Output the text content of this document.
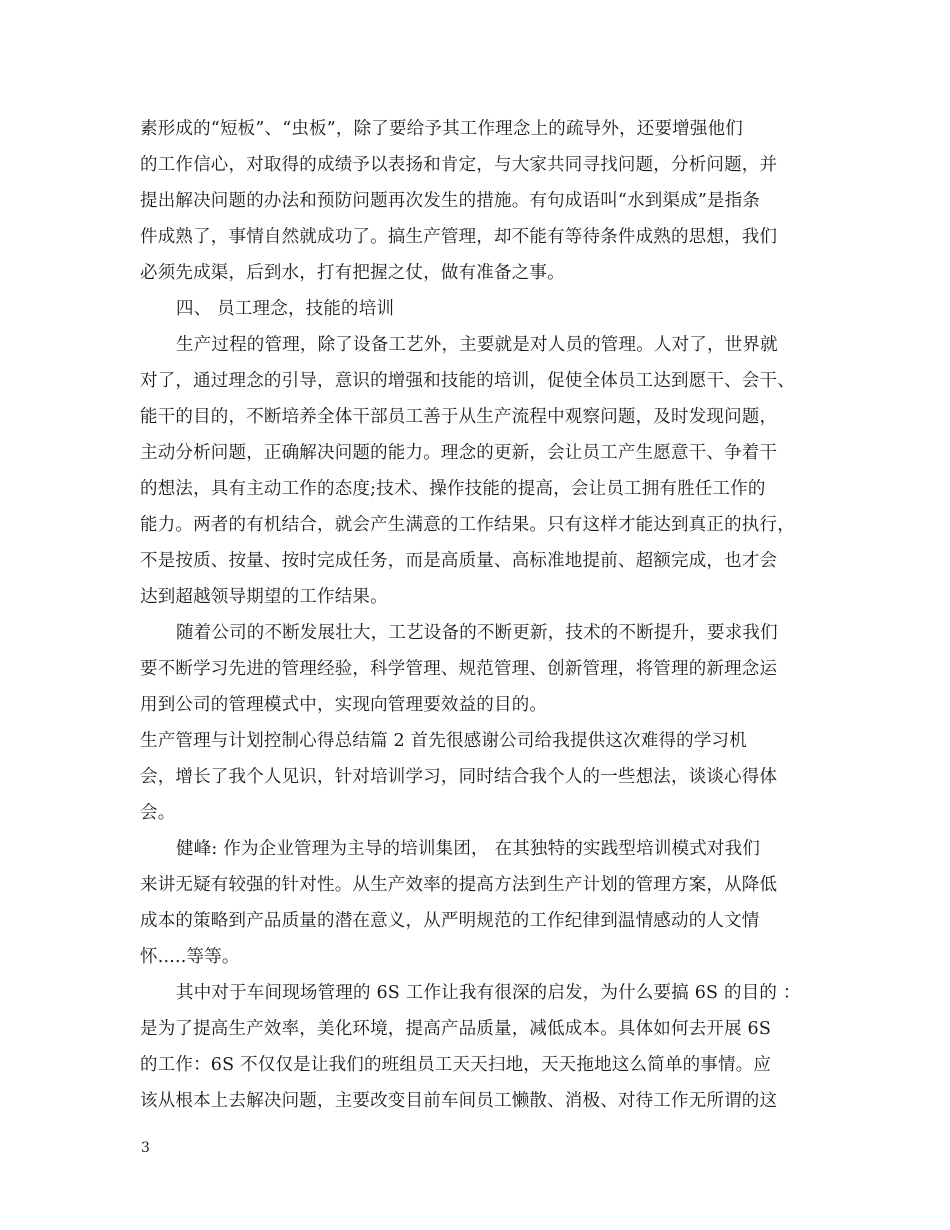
素形成的“短板”、“虫板”，除了要给予其工作理念上的疏导外，还要增强他们
的工作信心，对取得的成绩予以表扬和肯定，与大家共同寻找问题，分析问题，并
提出解决问题的办法和预防问题再次发生的措施。有句成语叫“水到渠成”是指条
件成熟了，事情自然就成功了。搞生产管理，却不能有等待条件成熟的思想，我们
必须先成渠，后到水，打有把握之仗，做有准备之事。
四、 员工理念，技能的培训
生产过程的管理，除了设备工艺外，主要就是对人员的管理。人对了，世界就
对了，通过理念的引导，意识的增强和技能的培训，促使全体员工达到愿干、会干、
能干的目的，不断培养全体干部员工善于从生产流程中观察问题，及时发现问题，
主动分析问题，正确解决问题的能力。理念的更新，会让员工产生愿意干、争着干
的想法，具有主动工作的态度;技术、操作技能的提高，会让员工拥有胜任工作的
能力。两者的有机结合，就会产生满意的工作结果。只有这样才能达到真正的执行，
不是按质、按量、按时完成任务，而是高质量、高标准地提前、超额完成，也才会
达到超越领导期望的工作结果。
随着公司的不断发展壮大，工艺设备的不断更新，技术的不断提升，要求我们
要不断学习先进的管理经验，科学管理、规范管理、创新管理，将管理的新理念运
用到公司的管理模式中，实现向管理要效益的目的。
生产管理与计划控制心得总结篇 2 首先很感谢公司给我提供这次难得的学习机
会，增长了我个人见识，针对培训学习，同时结合我个人的一些想法，谈谈心得体
会。
健峰: 作为企业管理为主导的培训集团， 在其独特的实践型培训模式对我们
来讲无疑有较强的针对性。从生产效率的提高方法到生产计划的管理方案，从降低
成本的策略到产品质量的潜在意义，从严明规范的工作纪律到温情感动的人文情
怀.....等等。
其中对于车间现场管理的 6S 工作让我有很深的启发，为什么要搞 6S 的目的 ：
是为了提高生产效率，美化环境，提高产品质量，减低成本。具体如何去开展 6S
的工作：6S 不仅仅是让我们的班组员工天天扫地，天天拖地这么简单的事情。应
该从根本上去解决问题，主要改变目前车间员工懒散、消极、对待工作无所谓的这
3
